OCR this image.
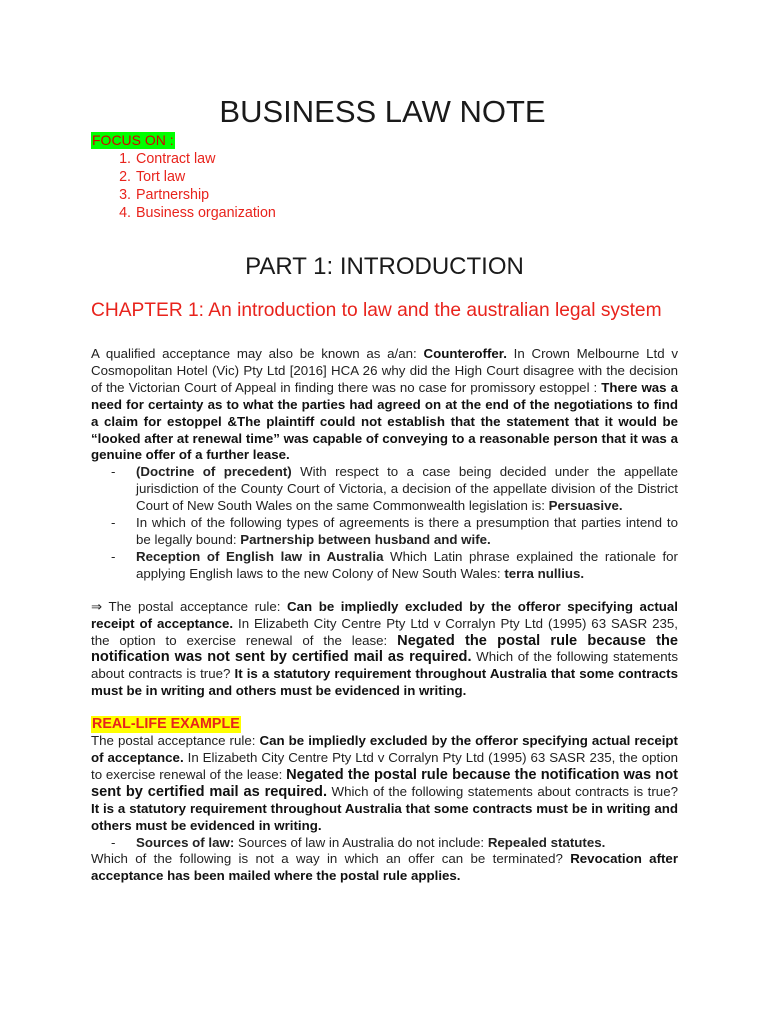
BUSINESS LAW NOTE
FOCUS ON :
1. Contract law
2. Tort law
3. Partnership
4. Business organization
PART 1: INTRODUCTION
CHAPTER 1: An introduction to law and the australian legal system

A qualified acceptance may also be known as a/an: Counteroffer. In Crown Melbourne Ltd v Cosmopolitan Hotel (Vic) Pty Ltd [2016] HCA 26 why did the High Court disagree with the decision of the Victorian Court of Appeal in finding there was no case for promissory estoppel : There was a need for certainty as to what the parties had agreed on at the end of the negotiations to find a claim for estoppel &The plaintiff could not establish that the statement that it would be “looked after at renewal time” was capable of conveying to a reasonable person that it was a genuine offer of a further lease.

- (Doctrine of precedent) With respect to a case being decided under the appellate jurisdiction of the County Court of Victoria, a decision of the appellate division of the District Court of New South Wales on the same Commonwealth legislation is: Persuasive.
- In which of the following types of agreements is there a presumption that parties intend to be legally bound: Partnership between husband and wife.
- Reception of English law in Australia Which Latin phrase explained the rationale for applying English laws to the new Colony of New South Wales: terra nullius.

⇒ The postal acceptance rule: Can be impliedly excluded by the offeror specifying actual receipt of acceptance. In Elizabeth City Centre Pty Ltd v Corralyn Pty Ltd (1995) 63 SASR 235, the option to exercise renewal of the lease: Negated the postal rule because the notification was not sent by certified mail as required. Which of the following statements about contracts is true? It is a statutory requirement throughout Australia that some contracts must be in writing and others must be evidenced in writing.

REAL-LIFE EXAMPLE

The postal acceptance rule: Can be impliedly excluded by the offeror specifying actual receipt of acceptance. In Elizabeth City Centre Pty Ltd v Corralyn Pty Ltd (1995) 63 SASR 235, the option to exercise renewal of the lease: Negated the postal rule because the notification was not sent by certified mail as required. Which of the following statements about contracts is true? It is a statutory requirement throughout Australia that some contracts must be in writing and others must be evidenced in writing.

- Sources of law: Sources of law in Australia do not include: Repealed statutes.

Which of the following is not a way in which an offer can be terminated? Revocation after acceptance has been mailed where the postal rule applies.
